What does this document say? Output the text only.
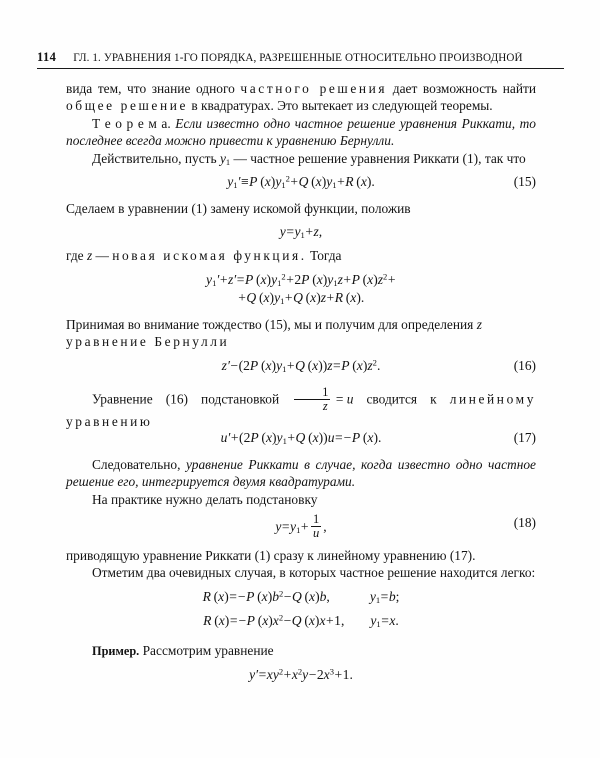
114 ГЛ. 1. УРАВНЕНИЯ 1-ГО ПОРЯДКА, РАЗРЕШЕННЫЕ ОТНОСИТЕЛЬНО ПРОИЗВОДНОЙ

вида тем, что знание одного частного решения дает возможность найти общее решение в квадратурах. Это вытекает из следующей теоремы.

Т е о р е м а. Если известно одно частное решение уравнения Риккати, то последнее всегда можно привести к уравнению Бернулли.

Действительно, пусть $y_1$ — частное решение уравнения Риккати (1), так что

$y_1'\equiv P$ $(x)y_1^2+Q$ $(x)y_1+R$ (x).	(15)

Сделаем в уравнении (1) замену искомой функции, положив

$y=y_1+z$,

где z — новая искомая функция. Тогда

$y_1'+z'=P$ $(x)y_1^2+2P$ $(x)y_1z+P$ $(x)z^2+$
+Q $(x)y_1+Q$ (x)z+R (x).

Принимая во внимание тождество (15), мы и получим для определения z
уравнение Бернулли

z′−(2P $(x)y_1+Q$ (x))z=P $(x)z^2$.	(16)

Уравнение (16) подстановкой $\frac{1}{z} = u$ сводится к линейному уравнению

u′+(2P $(x)y_1+Q$ (x))u=−P (x).	(17)

Следовательно, уравнение Риккати в случае, когда известно одно частное решение его, интегрируется двумя квадратурами.

На практике нужно делать подстановку

$y=y_1+ \frac{1}{u}$ ,	(18)

приводящую уравнение Риккати (1) сразу к линейному уравнению (17).

Отметим два очевидных случая, в которых частное решение находится легко:

R (x)=−P $(x)b^2-Q$ (x)b,	$y_1=b$;
R (x)=−P $(x)x^2-Q$ (x)x+1, $y_1=x$.

Пример. Рассмотрим уравнение

$y'=xy^2+x^2y-2x^3+1$.
